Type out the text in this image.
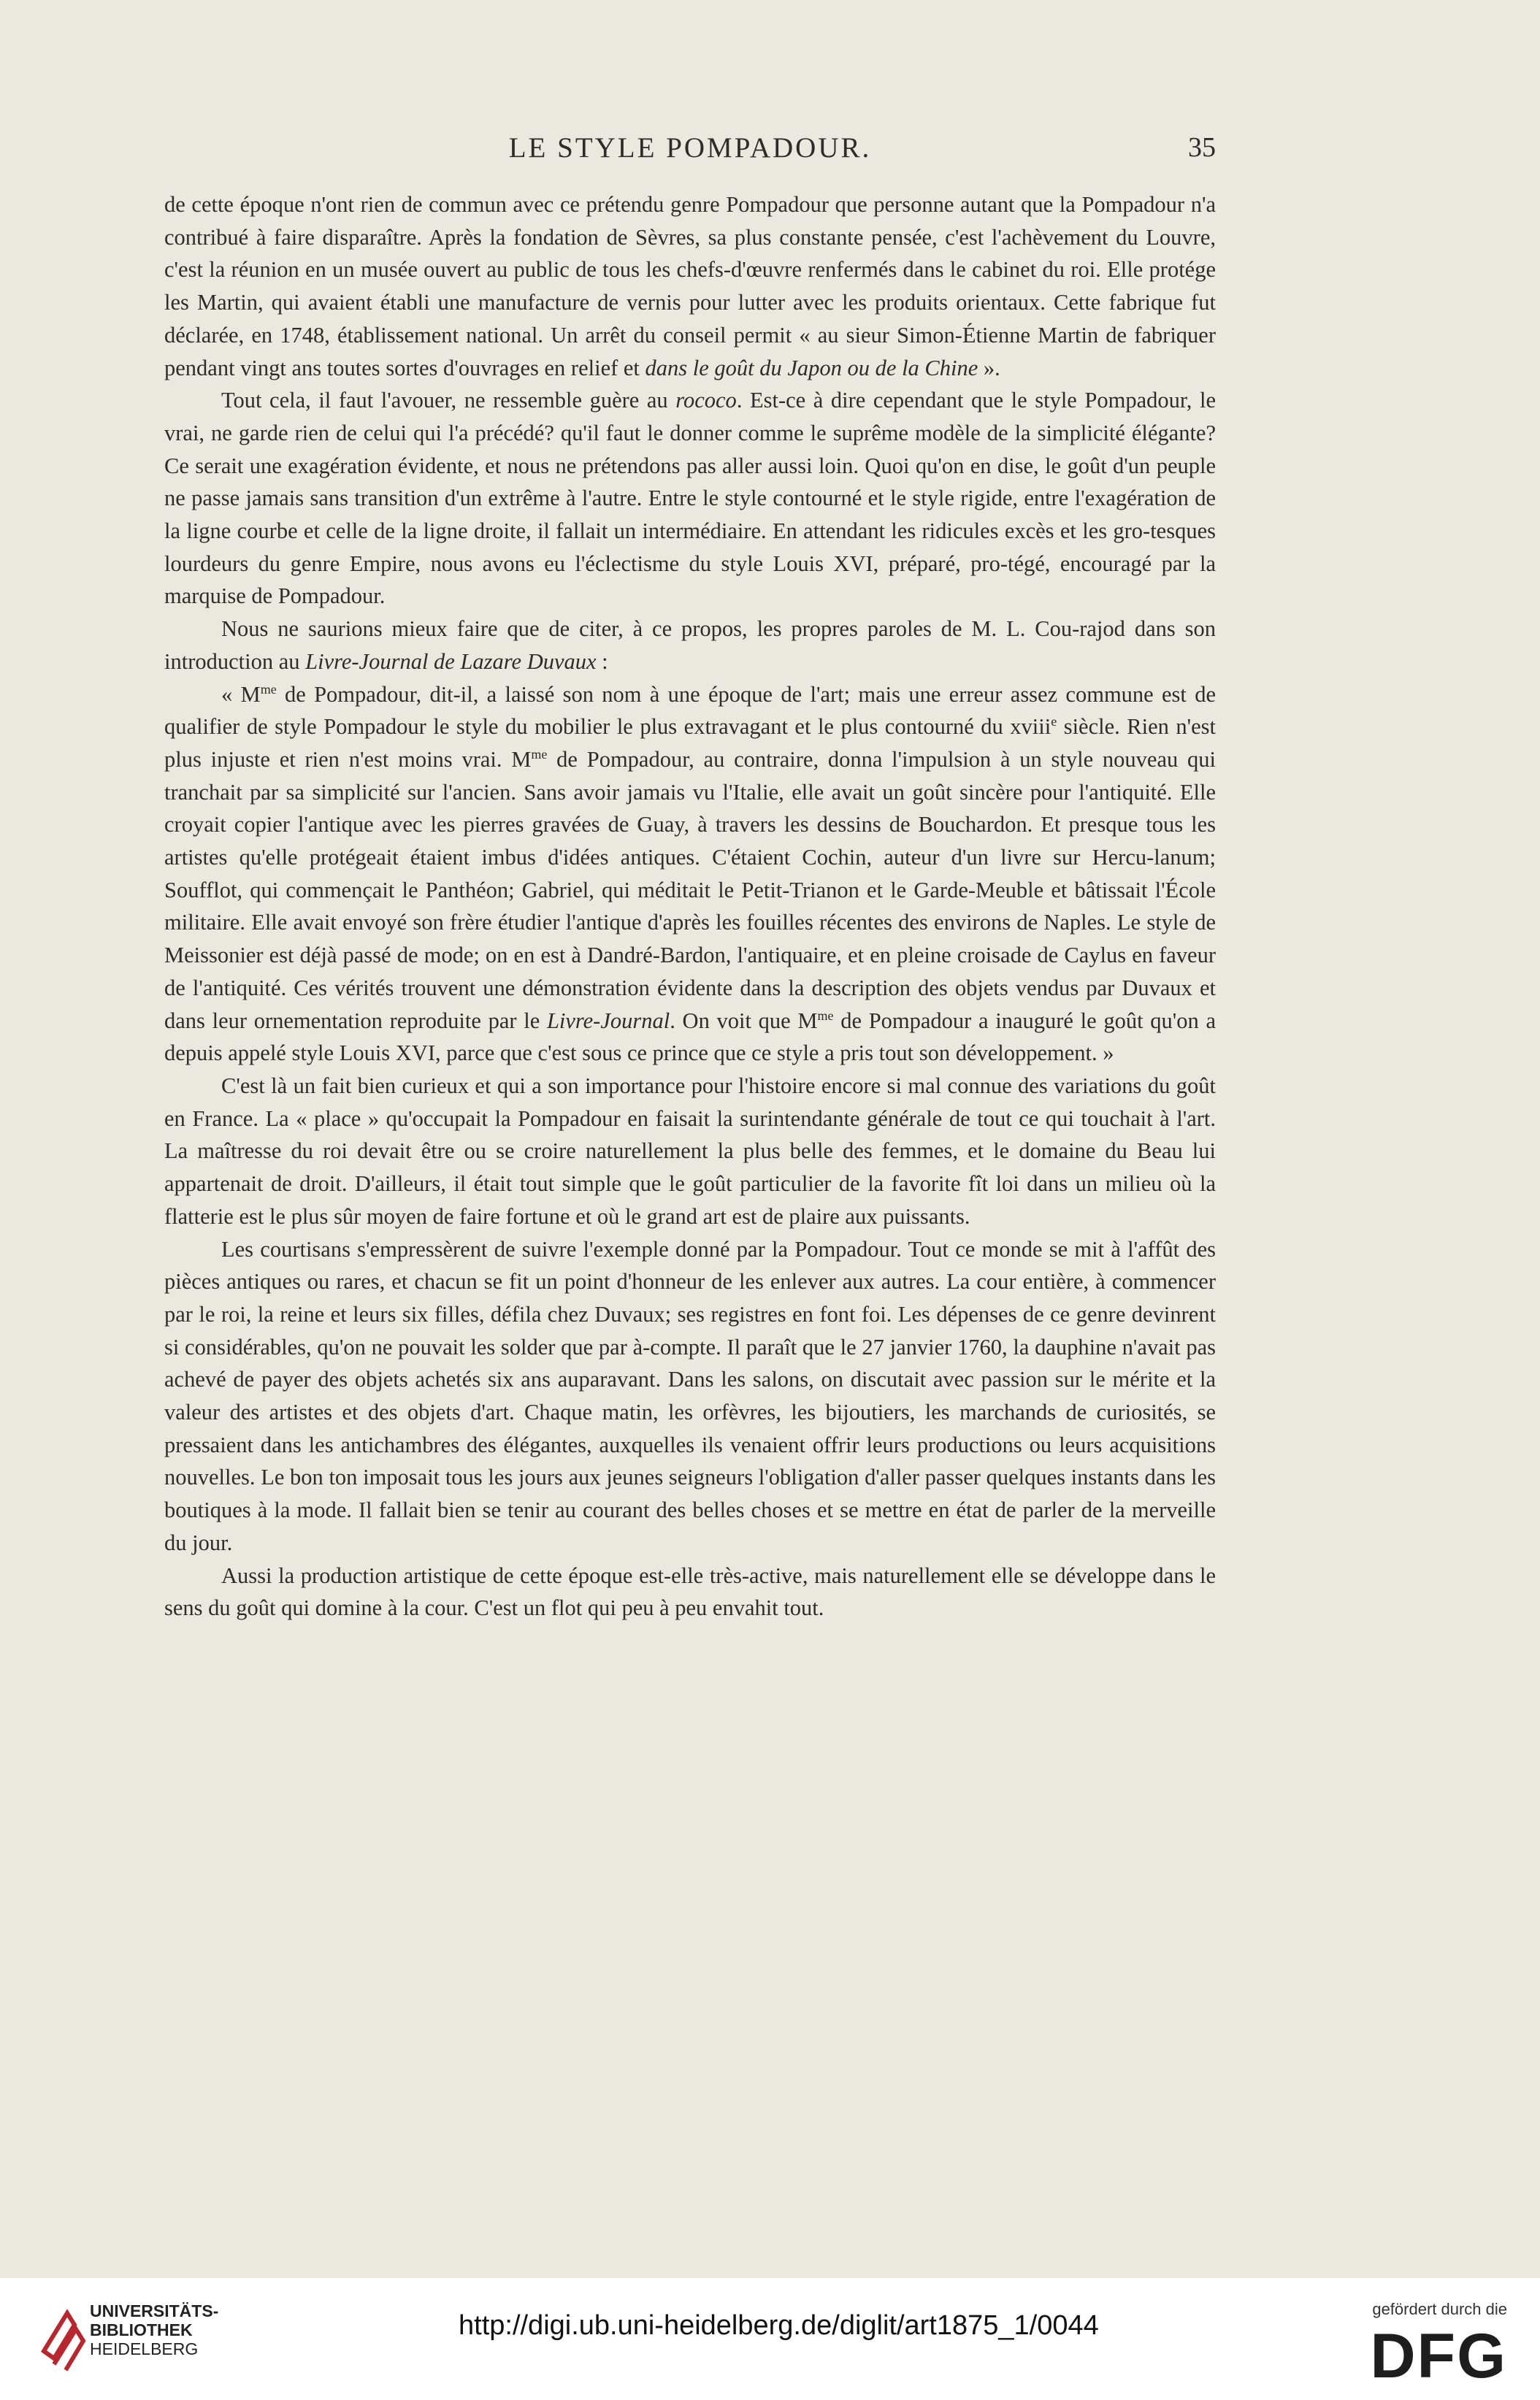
LE STYLE POMPADOUR.	35

de cette époque n'ont rien de commun avec ce prétendu genre Pompadour que personne autant que la Pompadour n'a contribué à faire disparaître. Après la fondation de Sèvres, sa plus constante pensée, c'est l'achèvement du Louvre, c'est la réunion en un musée ouvert au public de tous les chefs-d'œuvre renfermés dans le cabinet du roi. Elle protége les Martin, qui avaient établi une manufacture de vernis pour lutter avec les produits orientaux. Cette fabrique fut déclarée, en 1748, établissement national. Un arrêt du conseil permit « au sieur Simon-Étienne Martin de fabriquer pendant vingt ans toutes sortes d'ouvrages en relief et dans le goût du Japon ou de la Chine ».

Tout cela, il faut l'avouer, ne ressemble guère au rococo. Est-ce à dire cependant que le style Pompadour, le vrai, ne garde rien de celui qui l'a précédé? qu'il faut le donner comme le suprême modèle de la simplicité élégante? Ce serait une exagération évidente, et nous ne prétendons pas aller aussi loin. Quoi qu'on en dise, le goût d'un peuple ne passe jamais sans transition d'un extrême à l'autre. Entre le style contourné et le style rigide, entre l'exagération de la ligne courbe et celle de la ligne droite, il fallait un intermédiaire. En attendant les ridicules excès et les gro-tesques lourdeurs du genre Empire, nous avons eu l'éclectisme du style Louis XVI, préparé, pro-tégé, encouragé par la marquise de Pompadour.

Nous ne saurions mieux faire que de citer, à ce propos, les propres paroles de M. L. Cou-rajod dans son introduction au Livre-Journal de Lazare Duvaux :

« $M^{me}$ de Pompadour, dit-il, a laissé son nom à une époque de l'art; mais une erreur assez commune est de qualifier de style Pompadour le style du mobilier le plus extravagant et le plus contourné du xviii$^e$ siècle. Rien n'est plus injuste et rien n'est moins vrai. $M^{me}$ de Pompadour, au contraire, donna l'impulsion à un style nouveau qui tranchait par sa simplicité sur l'ancien. Sans avoir jamais vu l'Italie, elle avait un goût sincère pour l'antiquité. Elle croyait copier l'antique avec les pierres gravées de Guay, à travers les dessins de Bouchardon. Et presque tous les artistes qu'elle protégeait étaient imbus d'idées antiques. C'étaient Cochin, auteur d'un livre sur Hercu-lanum; Soufflot, qui commençait le Panthéon; Gabriel, qui méditait le Petit-Trianon et le Garde-Meuble et bâtissait l'École militaire. Elle avait envoyé son frère étudier l'antique d'après les fouilles récentes des environs de Naples. Le style de Meissonier est déjà passé de mode; on en est à Dandré-Bardon, l'antiquaire, et en pleine croisade de Caylus en faveur de l'antiquité. Ces vérités trouvent une démonstration évidente dans la description des objets vendus par Duvaux et dans leur ornementation reproduite par le Livre-Journal. On voit que $M^{me}$ de Pompadour a inauguré le goût qu'on a depuis appelé style Louis XVI, parce que c'est sous ce prince que ce style a pris tout son développement. »

C'est là un fait bien curieux et qui a son importance pour l'histoire encore si mal connue des variations du goût en France. La « place » qu'occupait la Pompadour en faisait la surintendante générale de tout ce qui touchait à l'art. La maîtresse du roi devait être ou se croire naturellement la plus belle des femmes, et le domaine du Beau lui appartenait de droit. D'ailleurs, il était tout simple que le goût particulier de la favorite fît loi dans un milieu où la flatterie est le plus sûr moyen de faire fortune et où le grand art est de plaire aux puissants.

Les courtisans s'empressèrent de suivre l'exemple donné par la Pompadour. Tout ce monde se mit à l'affût des pièces antiques ou rares, et chacun se fit un point d'honneur de les enlever aux autres. La cour entière, à commencer par le roi, la reine et leurs six filles, défila chez Duvaux; ses registres en font foi. Les dépenses de ce genre devinrent si considérables, qu'on ne pouvait les solder que par à-compte. Il paraît que le 27 janvier 1760, la dauphine n'avait pas achevé de payer des objets achetés six ans auparavant. Dans les salons, on discutait avec passion sur le mérite et la valeur des artistes et des objets d'art. Chaque matin, les orfèvres, les bijoutiers, les marchands de curiosités, se pressaient dans les antichambres des élégantes, auxquelles ils venaient offrir leurs productions ou leurs acquisitions nouvelles. Le bon ton imposait tous les jours aux jeunes seigneurs l'obligation d'aller passer quelques instants dans les boutiques à la mode. Il fallait bien se tenir au courant des belles choses et se mettre en état de parler de la merveille du jour.

Aussi la production artistique de cette époque est-elle très-active, mais naturellement elle se développe dans le sens du goût qui domine à la cour. C'est un flot qui peu à peu envahit tout.

UNIVERSITÄTS-
BIBLIOTHEK
HEIDELBERG
http://digi.ub.uni-heidelberg.de/diglit/art1875_1/0044
gefördert durch die
DFG
